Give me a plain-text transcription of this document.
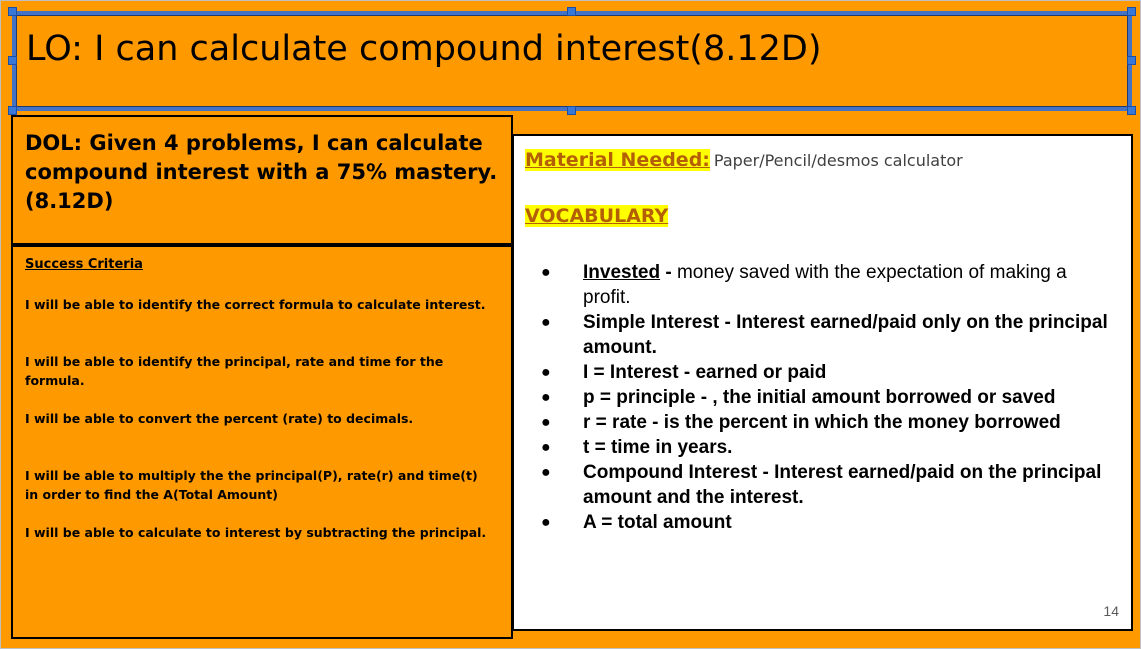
LO: I can calculate compound interest(8.12D)
DOL: Given 4 problems, I can calculate compound interest with a 75% mastery. (8.12D)
Success Criteria
I will be able to identify the correct formula to calculate interest.
I will be able to identify the principal, rate and time for the formula.
I will be able to convert the percent (rate) to decimals.
I will be able to multiply the the principal(P), rate(r) and time(t) in order to find the A(Total Amount)
I will be able to calculate to interest by subtracting the principal.
Material Needed: Paper/Pencil/desmos calculator
VOCABULARY
● Invested - money saved with the expectation of making a profit.
● Simple Interest - Interest earned/paid only on the principal amount.
● I = Interest - earned or paid
● p = principle - , the initial amount borrowed or saved
● r = rate - is the percent in which the money borrowed
● t = time in years.
● Compound Interest - Interest earned/paid on the principal amount and the interest.
● A = total amount
14
